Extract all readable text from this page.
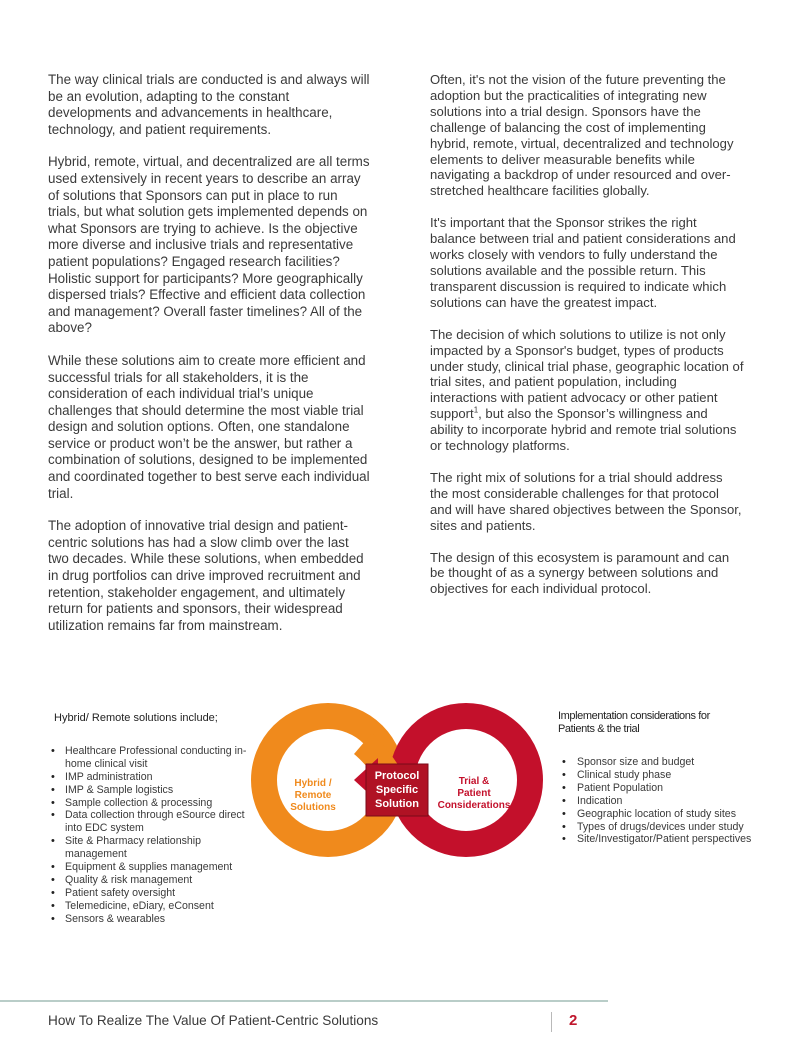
The way clinical trials are conducted is and always will be an evolution, adapting to the constant developments and advancements in healthcare, technology, and patient requirements.

Hybrid, remote, virtual, and decentralized are all terms used extensively in recent years to describe an array of solutions that Sponsors can put in place to run trials, but what solution gets implemented depends on what Sponsors are trying to achieve. Is the objective more diverse and inclusive trials and representative patient populations? Engaged research facilities? Holistic support for participants? More geographically dispersed trials? Effective and efficient data collection and management? Overall faster timelines? All of the above?

While these solutions aim to create more efficient and successful trials for all stakeholders, it is the consideration of each individual trial’s unique challenges that should determine the most viable trial design and solution options. Often, one standalone service or product won’t be the answer, but rather a combination of solutions, designed to be implemented and coordinated together to best serve each individual trial.

The adoption of innovative trial design and patient-centric solutions has had a slow climb over the last two decades. While these solutions, when embedded in drug portfolios can drive improved recruitment and retention, stakeholder engagement, and ultimately return for patients and sponsors, their widespread utilization remains far from mainstream.

Often, it's not the vision of the future preventing the adoption but the practicalities of integrating new solutions into a trial design. Sponsors have the challenge of balancing the cost of implementing hybrid, remote, virtual, decentralized and technology elements to deliver measurable benefits while navigating a backdrop of under resourced and over-stretched healthcare facilities globally.

It's important that the Sponsor strikes the right balance between trial and patient considerations and works closely with vendors to fully understand the solutions available and the possible return. This transparent discussion is required to indicate which solutions can have the greatest impact.

The decision of which solutions to utilize is not only impacted by a Sponsor's budget, types of products under study, clinical trial phase, geographic location of trial sites, and patient population, including interactions with patient advocacy or other patient support$^1$, but also the Sponsor’s willingness and ability to incorporate hybrid and remote trial solutions or technology platforms.

The right mix of solutions for a trial should address the most considerable challenges for that protocol and will have shared objectives between the Sponsor, sites and patients.

The design of this ecosystem is paramount and can be thought of as a synergy between solutions and objectives for each individual protocol.

Hybrid/ Remote solutions include;
• Healthcare Professional conducting in-home clinical visit
• IMP administration
• IMP & Sample logistics
• Sample collection & processing
• Data collection through eSource direct into EDC system
• Site & Pharmacy relationship management
• Equipment & supplies management
• Quality & risk management
• Patient safety oversight
• Telemedicine, eDiary, eConsent
• Sensors & wearables
Protocol
Specific
Solution
Hybrid /
Remote
Solutions
Trial &
Patient
Considerations
Implementation considerations for Patients & the trial
• Sponsor size and budget
• Clinical study phase
• Patient Population
• Indication
• Geographic location of study sites
• Types of drugs/devices under study
• Site/Investigator/Patient perspectives
How To Realize The Value Of Patient-Centric Solutions	2
